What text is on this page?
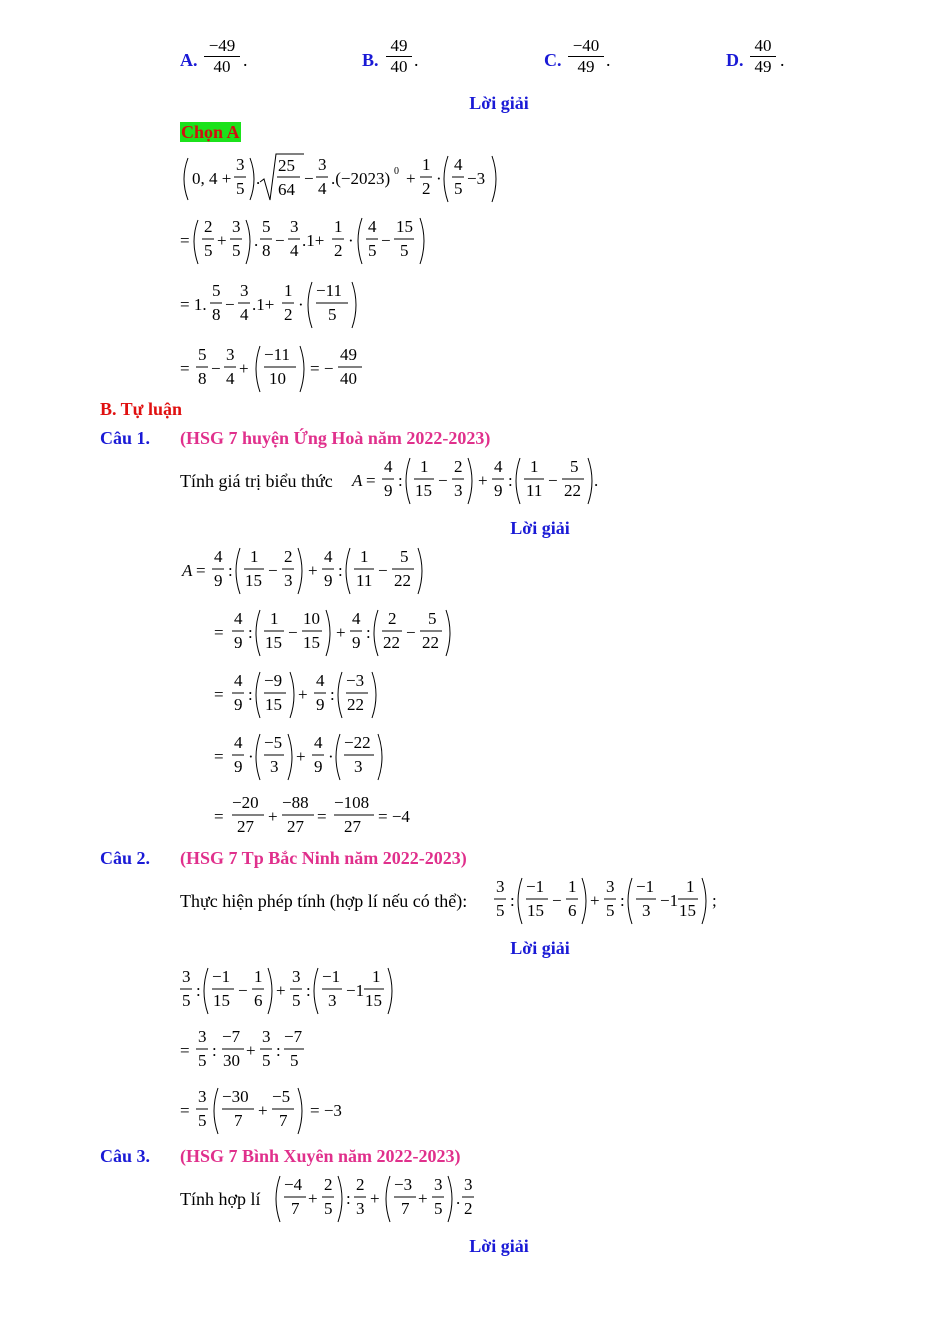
A. $\frac{-49}{40}$ .	B. $\frac{49}{40}$ .	C. $\frac{-40}{49}$ .	D. $\frac{40}{49}$ .
Lời giải
Chọn A
0, 4 +
3
5
.
25
64
−
3
4
.(−2023) 0 +
1
2
·
4
5
−3
=
2
5
+
3
5
.
5
8
−
3
4
.1+
1
2
·
4
5
−
15
5
= 1.
5
8
−
3
4
.1+
1
2
·
−11
5
=
5
8
−
3
4
+
−11
10
= −
49
40
B. Tự luận
Câu 1. (HSG 7 huyện Ứng Hoà năm 2022-2023)
Tính giá trị biểu thức A =
4
9
:
1
15
−
2
3
+
4
9
:
1
11
−
5
22
.
Lời giải
A =
4
9
:
1
15
−
2
3
+
4
9
:
1
11
−
5
22
=
4
9
:
1
15
−
10
15
+
4
9
:
2
22
−
5
22
=
4
9
:
−9
15
+
4
9
:
−3
22
=
4
9
·
−5
3
+
4
9
·
−22
3
=
−20
27
+
−88
27
=
−108
27
= −4
Câu 2. (HSG 7 Tp Bắc Ninh năm 2022-2023)
Thực hiện phép tính (hợp lí nếu có thể):
3
5
:
−1
15
−
1
6
+
3
5
:
−1
3
−1
1
15
;
Lời giải
3
5
:
−1
15
−
1
6
+
3
5
:
−1
3
−1
1
15
=
3
5
:
−7
30
+
3
5
:
−7
5
=
3
5
−30
7
+
−5
7
= −3
Câu 3. (HSG 7 Bình Xuyên năm 2022-2023)
Tính hợp lí
−4
7
+
2
5
:
2
3
+
−3
7
+
3
5
.
3
2
Lời giải
